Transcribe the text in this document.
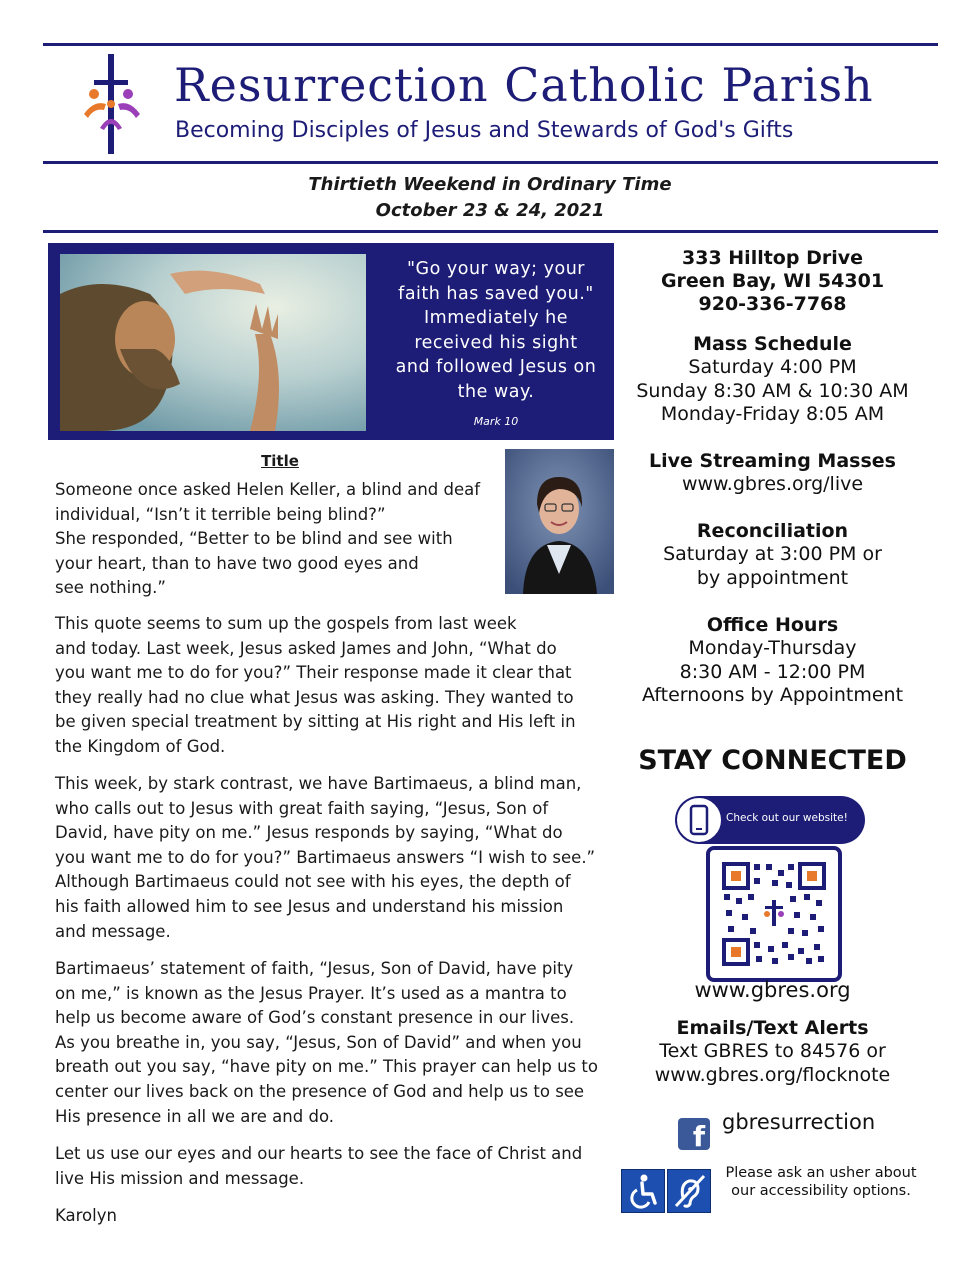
Resurrection Catholic Parish
Becoming Disciples of Jesus and Stewards of God's Gifts
Thirtieth Weekend in Ordinary Time
October 23 & 24, 2021
"Go your way; your
faith has saved you."
Immediately he
received his sight
and followed Jesus on
the way.
Mark 10
Title
Someone once asked Helen Keller, a blind and deaf
individual, “Isn’t it terrible being blind?”
She responded, “Better to be blind and see with
your heart, than to have two good eyes and
see nothing.”
This quote seems to sum up the gospels from last week
and today. Last week, Jesus asked James and John, “What do
you want me to do for you?” Their response made it clear that
they really had no clue what Jesus was asking. They wanted to
be given special treatment by sitting at His right and His left in
the Kingdom of God.
This week, by stark contrast, we have Bartimaeus, a blind man,
who calls out to Jesus with great faith saying, “Jesus, Son of
David, have pity on me.” Jesus responds by saying, “What do
you want me to do for you?” Bartimaeus answers “I wish to see.”
Although Bartimaeus could not see with his eyes, the depth of
his faith allowed him to see Jesus and understand his mission
and message.
Bartimaeus’ statement of faith, “Jesus, Son of David, have pity
on me,” is known as the Jesus Prayer. It’s used as a mantra to
help us become aware of God’s constant presence in our lives.
As you breathe in, you say, “Jesus, Son of David” and when you
breath out you say, “have pity on me.” This prayer can help us to
center our lives back on the presence of God and help us to see
His presence in all we are and do.
Let us use our eyes and our hearts to see the face of Christ and
live His mission and message.
Karolyn
333 Hilltop Drive
Green Bay, WI 54301
920-336-7768
Mass Schedule
Saturday 4:00 PM
Sunday 8:30 AM & 10:30 AM
Monday-Friday 8:05 AM
Live Streaming Masses
www.gbres.org/live
Reconciliation
Saturday at 3:00 PM or
by appointment
Office Hours
Monday-Thursday
8:30 AM - 12:00 PM
Afternoons by Appointment
STAY CONNECTED
Check out our website!
www.gbres.org
Emails/Text Alerts
Text GBRES to 84576 or
www.gbres.org/flocknote
f gbresurrection
Please ask an usher about
our accessibility options.
